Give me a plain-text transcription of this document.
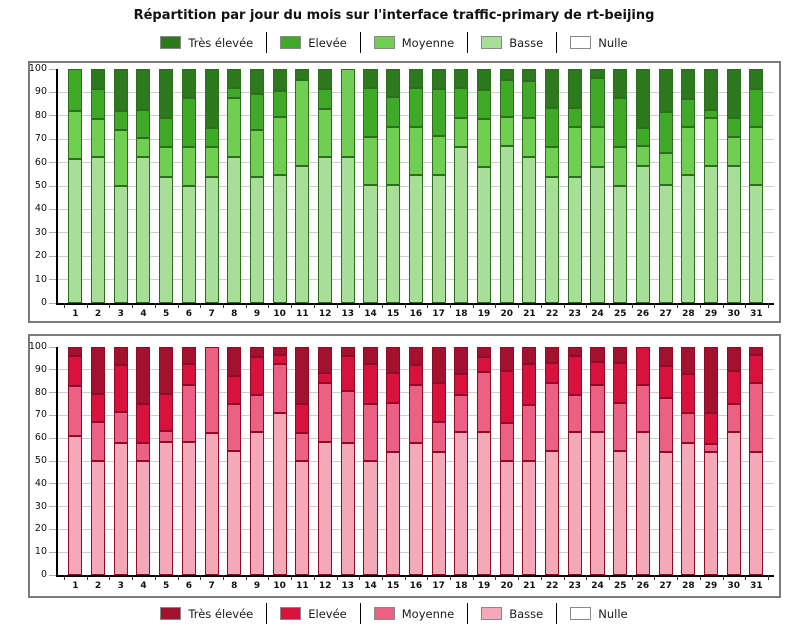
Répartition par jour du mois sur l'interface traffic-primary de rt-beijing
Très élevée	Elevée	Moyenne	Basse	Nulle
100
90
80
70
60
50
40
30
20
10
0
1	2	3	4	5	6	7	8	9	10	11	12	13	14	15	16	17	18	19	20	21	22	23	24	25	26	27	28	29	30	31
100
90
80
70
60
50
40
30
20
10
0
1	2	3	4	5	6	7	8	9	10	11	12	13	14	15	16	17	18	19	20	21	22	23	24	25	26	27	28	29	30	31
Très élevée	Elevée	Moyenne	Basse	Nulle
